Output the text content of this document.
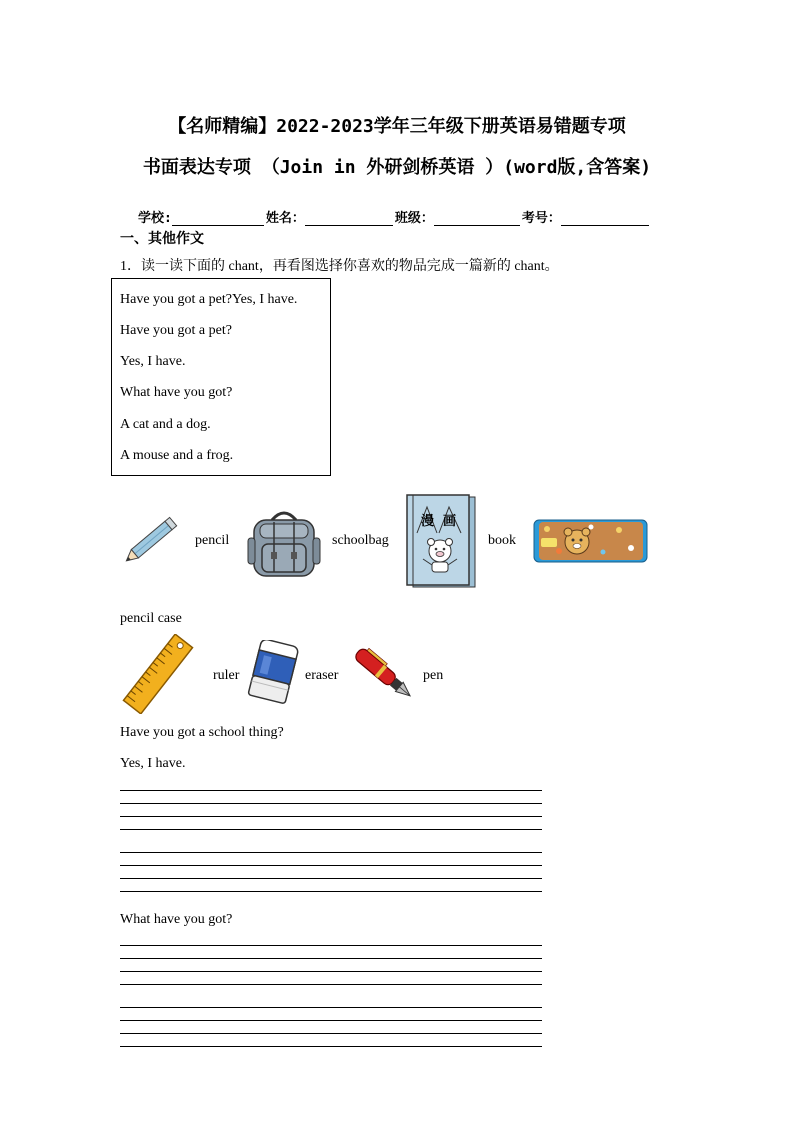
【名师精编】2022-2023学年三年级下册英语易错题专项
书面表达专项 （Join in 外研剑桥英语 ）(word版,含答案)
学校:	姓名：	班级：	考号：
一、其他作文
1．读一读下面的 chant，再看图选择你喜欢的物品完成一篇新的 chant。
Have you got a pet?Yes, I have.
Have you got a pet?
Yes, I have.
What have you got?
A cat and a dog.
A mouse and a frog.
pencil	schoolbag
漫 画
book
pencil case
ruler	eraser	pen
Have you got a school thing?
Yes, I have.
What have you got?
